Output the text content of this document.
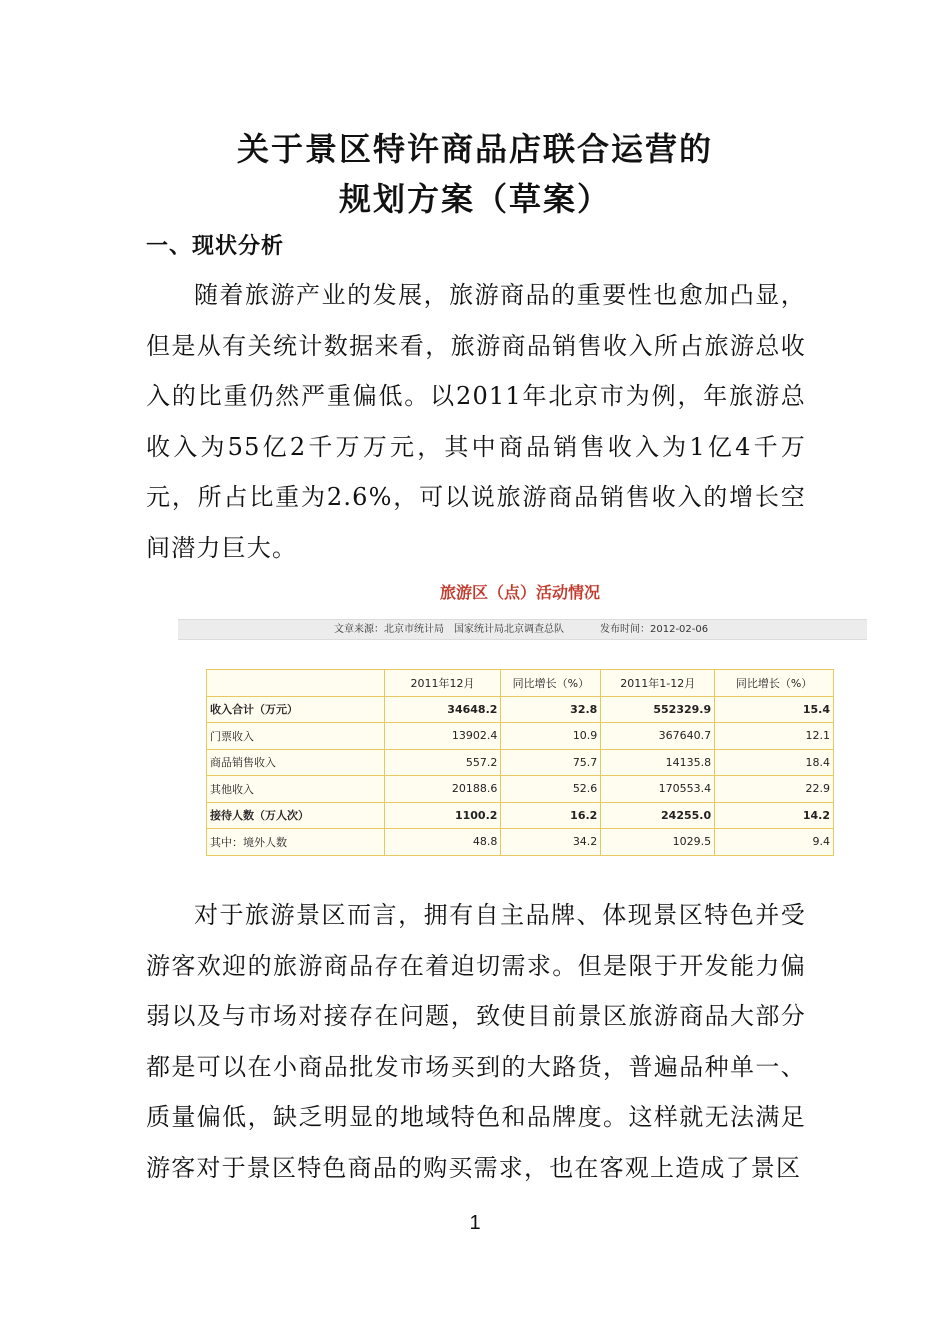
关于景区特许商品店联合运营的
规划方案（草案）
一、现状分析

随着旅游产业的发展，旅游商品的重要性也愈加凸显，但是从有关统计数据来看，旅游商品销售收入所占旅游总收入的比重仍然严重偏低。以2011年北京市为例，年旅游总收入为55亿2千万万元，其中商品销售收入为1亿4千万元，所占比重为2.6%，可以说旅游商品销售收入的增长空间潜力巨大。

旅游区（点）活动情况
文章来源：北京市统计局　国家统计局北京调查总队	发布时间：2012-02-06
	2011年12月	同比增长（%）	2011年1-12月	同比增长（%）
收入合计（万元）	34648.2	32.8	552329.9	15.4
门票收入	13902.4	10.9	367640.7	12.1
商品销售收入	557.2	75.7	14135.8	18.4
其他收入	20188.6	52.6	170553.4	22.9
接待人数（万人次）	1100.2	16.2	24255.0	14.2
其中：境外人数	48.8	34.2	1029.5	9.4

对于旅游景区而言，拥有自主品牌、体现景区特色并受游客欢迎的旅游商品存在着迫切需求。但是限于开发能力偏弱以及与市场对接存在问题，致使目前景区旅游商品大部分都是可以在小商品批发市场买到的大路货，普遍品种单一、质量偏低，缺乏明显的地域特色和品牌度。这样就无法满足游客对于景区特色商品的购买需求，也在客观上造成了景区

1
